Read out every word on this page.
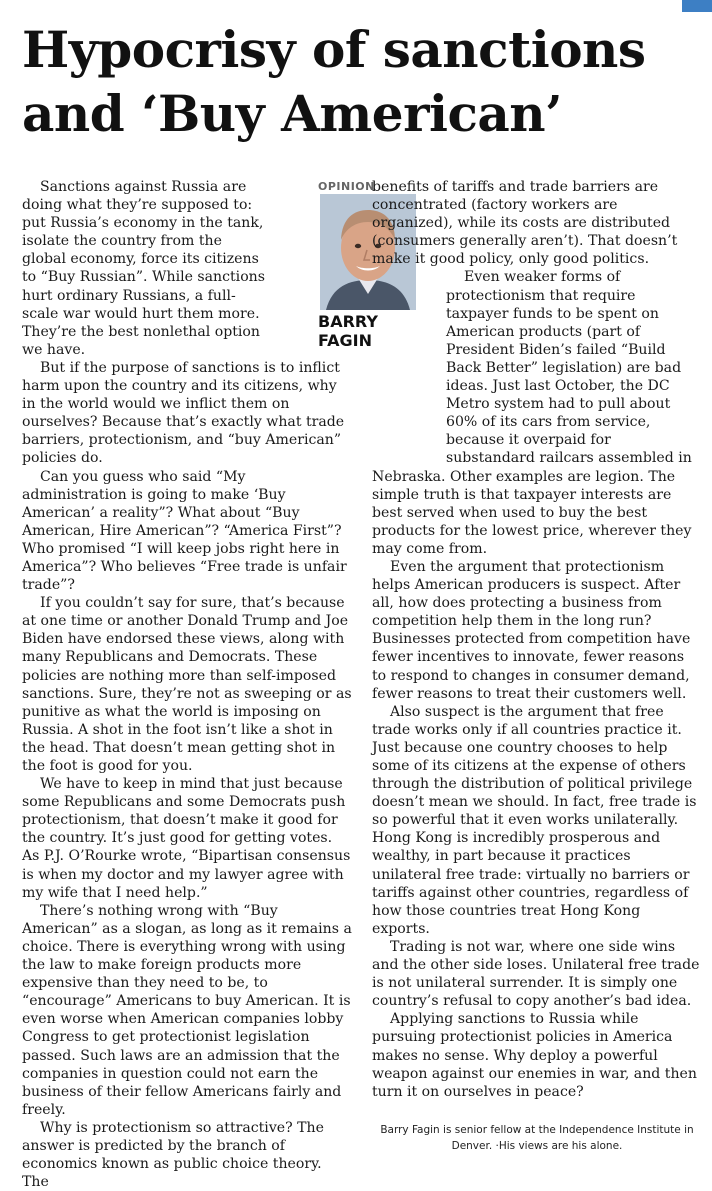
Hypocrisy of sanctions and ‘Buy American’

Sanctions against Russia are doing what they’re supposed to: put Russia’s economy in the tank, isolate the country from the global economy, force its citizens to “Buy Russian”. While sanctions hurt ordinary Russians, a full-scale war would hurt them more. They’re the best nonlethal option we have.

But if the purpose of sanctions is to inflict harm upon the country and its citizens, why in the world would we inflict them on ourselves? Because that’s exactly what trade barriers, protectionism, and “buy American” policies do.

Can you guess who said “My administration is going to make ‘Buy American’ a reality”? What about “Buy American, Hire American”? “America First”? Who promised “I will keep jobs right here in America”? Who believes “Free trade is unfair trade”?

If you couldn’t say for sure, that’s because at one time or another Donald Trump and Joe Biden have endorsed these views, along with many Republicans and Democrats. These policies are nothing more than self-imposed sanctions. Sure, they’re not as sweeping or as punitive as what the world is imposing on Russia. A shot in the foot isn’t like a shot in the head. That doesn’t mean getting shot in the foot is good for you.

We have to keep in mind that just because some Republicans and some Democrats push protectionism, that doesn’t make it good for the country. It’s just good for getting votes. As P.J. O’Rourke wrote, “Bipartisan consensus is when my doctor and my lawyer agree with my wife that I need help.”

There’s nothing wrong with “Buy American” as a slogan, as long as it remains a choice. There is everything wrong with using the law to make foreign products more expensive than they need to be, to “encourage” Americans to buy American. It is even worse when American companies lobby Congress to get protectionist legislation passed. Such laws are an admission that the companies in question could not earn the business of their fellow Americans fairly and freely.

Why is protectionism so attractive? The answer is predicted by the branch of economics known as public choice theory. The

OPINION
BARRY
FAGIN

benefits of tariffs and trade barriers are concentrated (factory workers are organized), while its costs are distributed (consumers generally aren’t). That doesn’t make it good policy, only good politics.

Even weaker forms of protectionism that require taxpayer funds to be spent on American products (part of President Biden’s failed “Build Back Better” legislation) are bad ideas. Just last October, the DC Metro system had to pull about 60% of its cars from service, because it overpaid for substandard railcars assembled in Nebraska. Other examples are legion. The simple truth is that taxpayer interests are best served when used to buy the best products for the lowest price, wherever they may come from.

Even the argument that protectionism helps American producers is suspect. After all, how does protecting a business from competition help them in the long run? Businesses protected from competition have fewer incentives to innovate, fewer reasons to respond to changes in consumer demand, fewer reasons to treat their customers well.

Also suspect is the argument that free trade works only if all countries practice it. Just because one country chooses to help some of its citizens at the expense of others through the distribution of political privilege doesn’t mean we should. In fact, free trade is so powerful that it even works unilaterally. Hong Kong is incredibly prosperous and wealthy, in part because it practices unilateral free trade: virtually no barriers or tariffs against other countries, regardless of how those countries treat Hong Kong exports.

Trading is not war, where one side wins and the other side loses. Unilateral free trade is not unilateral surrender. It is simply one country’s refusal to copy another’s bad idea.

Applying sanctions to Russia while pursuing protectionist policies in America makes no sense. Why deploy a powerful weapon against our enemies in war, and then turn it on ourselves in peace?

Barry Fagin is senior fellow at the Independence Institute in Denver. ·His views are his alone.
